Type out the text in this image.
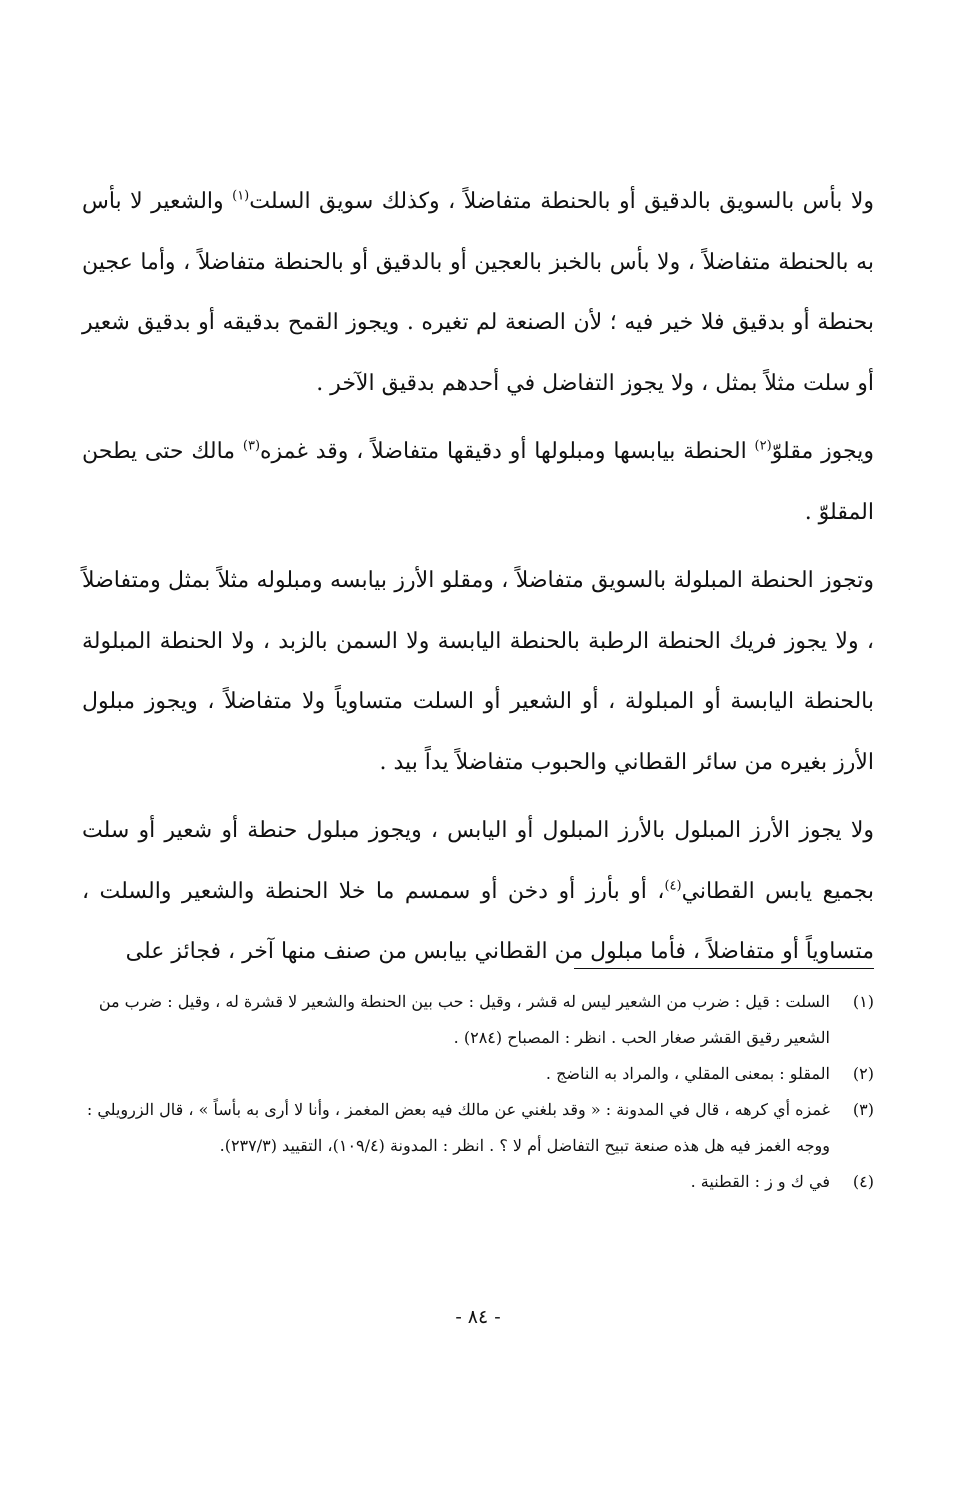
ولا بأس بالسويق بالدقيق أو بالحنطة متفاضلاً ، وكذلك سويق السلت$^{(١)}$ والشعير لا بأس به بالحنطة متفاضلاً ، ولا بأس بالخبز بالعجين أو بالدقيق أو بالحنطة متفاضلاً ، وأما عجين بحنطة أو بدقيق فلا خير فيه ؛ لأن الصنعة لم تغيره . ويجوز القمح بدقيقه أو بدقيق شعير أو سلت مثلاً بمثل ، ولا يجوز التفاضل في أحدهم بدقيق الآخر .

ويجوز مقلوّ$^{(٢)}$ الحنطة بيابسها ومبلولها أو دقيقها متفاضلاً ، وقد غمزه$^{(٣)}$ مالك حتى يطحن المقلوّ .

وتجوز الحنطة المبلولة بالسويق متفاضلاً ، ومقلو الأرز بيابسه ومبلوله مثلاً بمثل ومتفاضلاً ، ولا يجوز فريك الحنطة الرطبة بالحنطة اليابسة ولا السمن بالزبد ، ولا الحنطة المبلولة بالحنطة اليابسة أو المبلولة ، أو الشعير أو السلت متساوياً ولا متفاضلاً ، ويجوز مبلول الأرز بغيره من سائر القطاني والحبوب متفاضلاً يداً بيد .

ولا يجوز الأرز المبلول بالأرز المبلول أو اليابس ، ويجوز مبلول حنطة أو شعير أو سلت بجميع يابس القطاني$^{(٤)}$، أو بأرز أو دخن أو سمسم ما خلا الحنطة والشعير والسلت ، متساوياً أو متفاضلاً ، فأما مبلول من القطاني بيابس من صنف منها آخر ، فجائز على

(١)
السلت : قيل : ضرب من الشعير ليس له قشر ، وقيل : حب بين الحنطة والشعير لا قشرة له ، وقيل : ضرب من الشعير رقيق القشر صغار الحب . انظر : المصباح (٢٨٤) .

(٢)
المقلو : بمعنى المقلي ، والمراد به الناضج .

(٣)
غمزه أي كرهه ، قال في المدونة : « وقد بلغني عن مالك فيه بعض المغمز ، وأنا لا أرى به بأساً » ، قال الزرويلي : ووجه الغمز فيه هل هذه صنعة تبيح التفاضل أم لا ؟ . انظر : المدونة (١٠٩/٤)، التقييد (٢٣٧/٣).

(٤)
في ك و ز : القطنية .

- ٨٤ -
